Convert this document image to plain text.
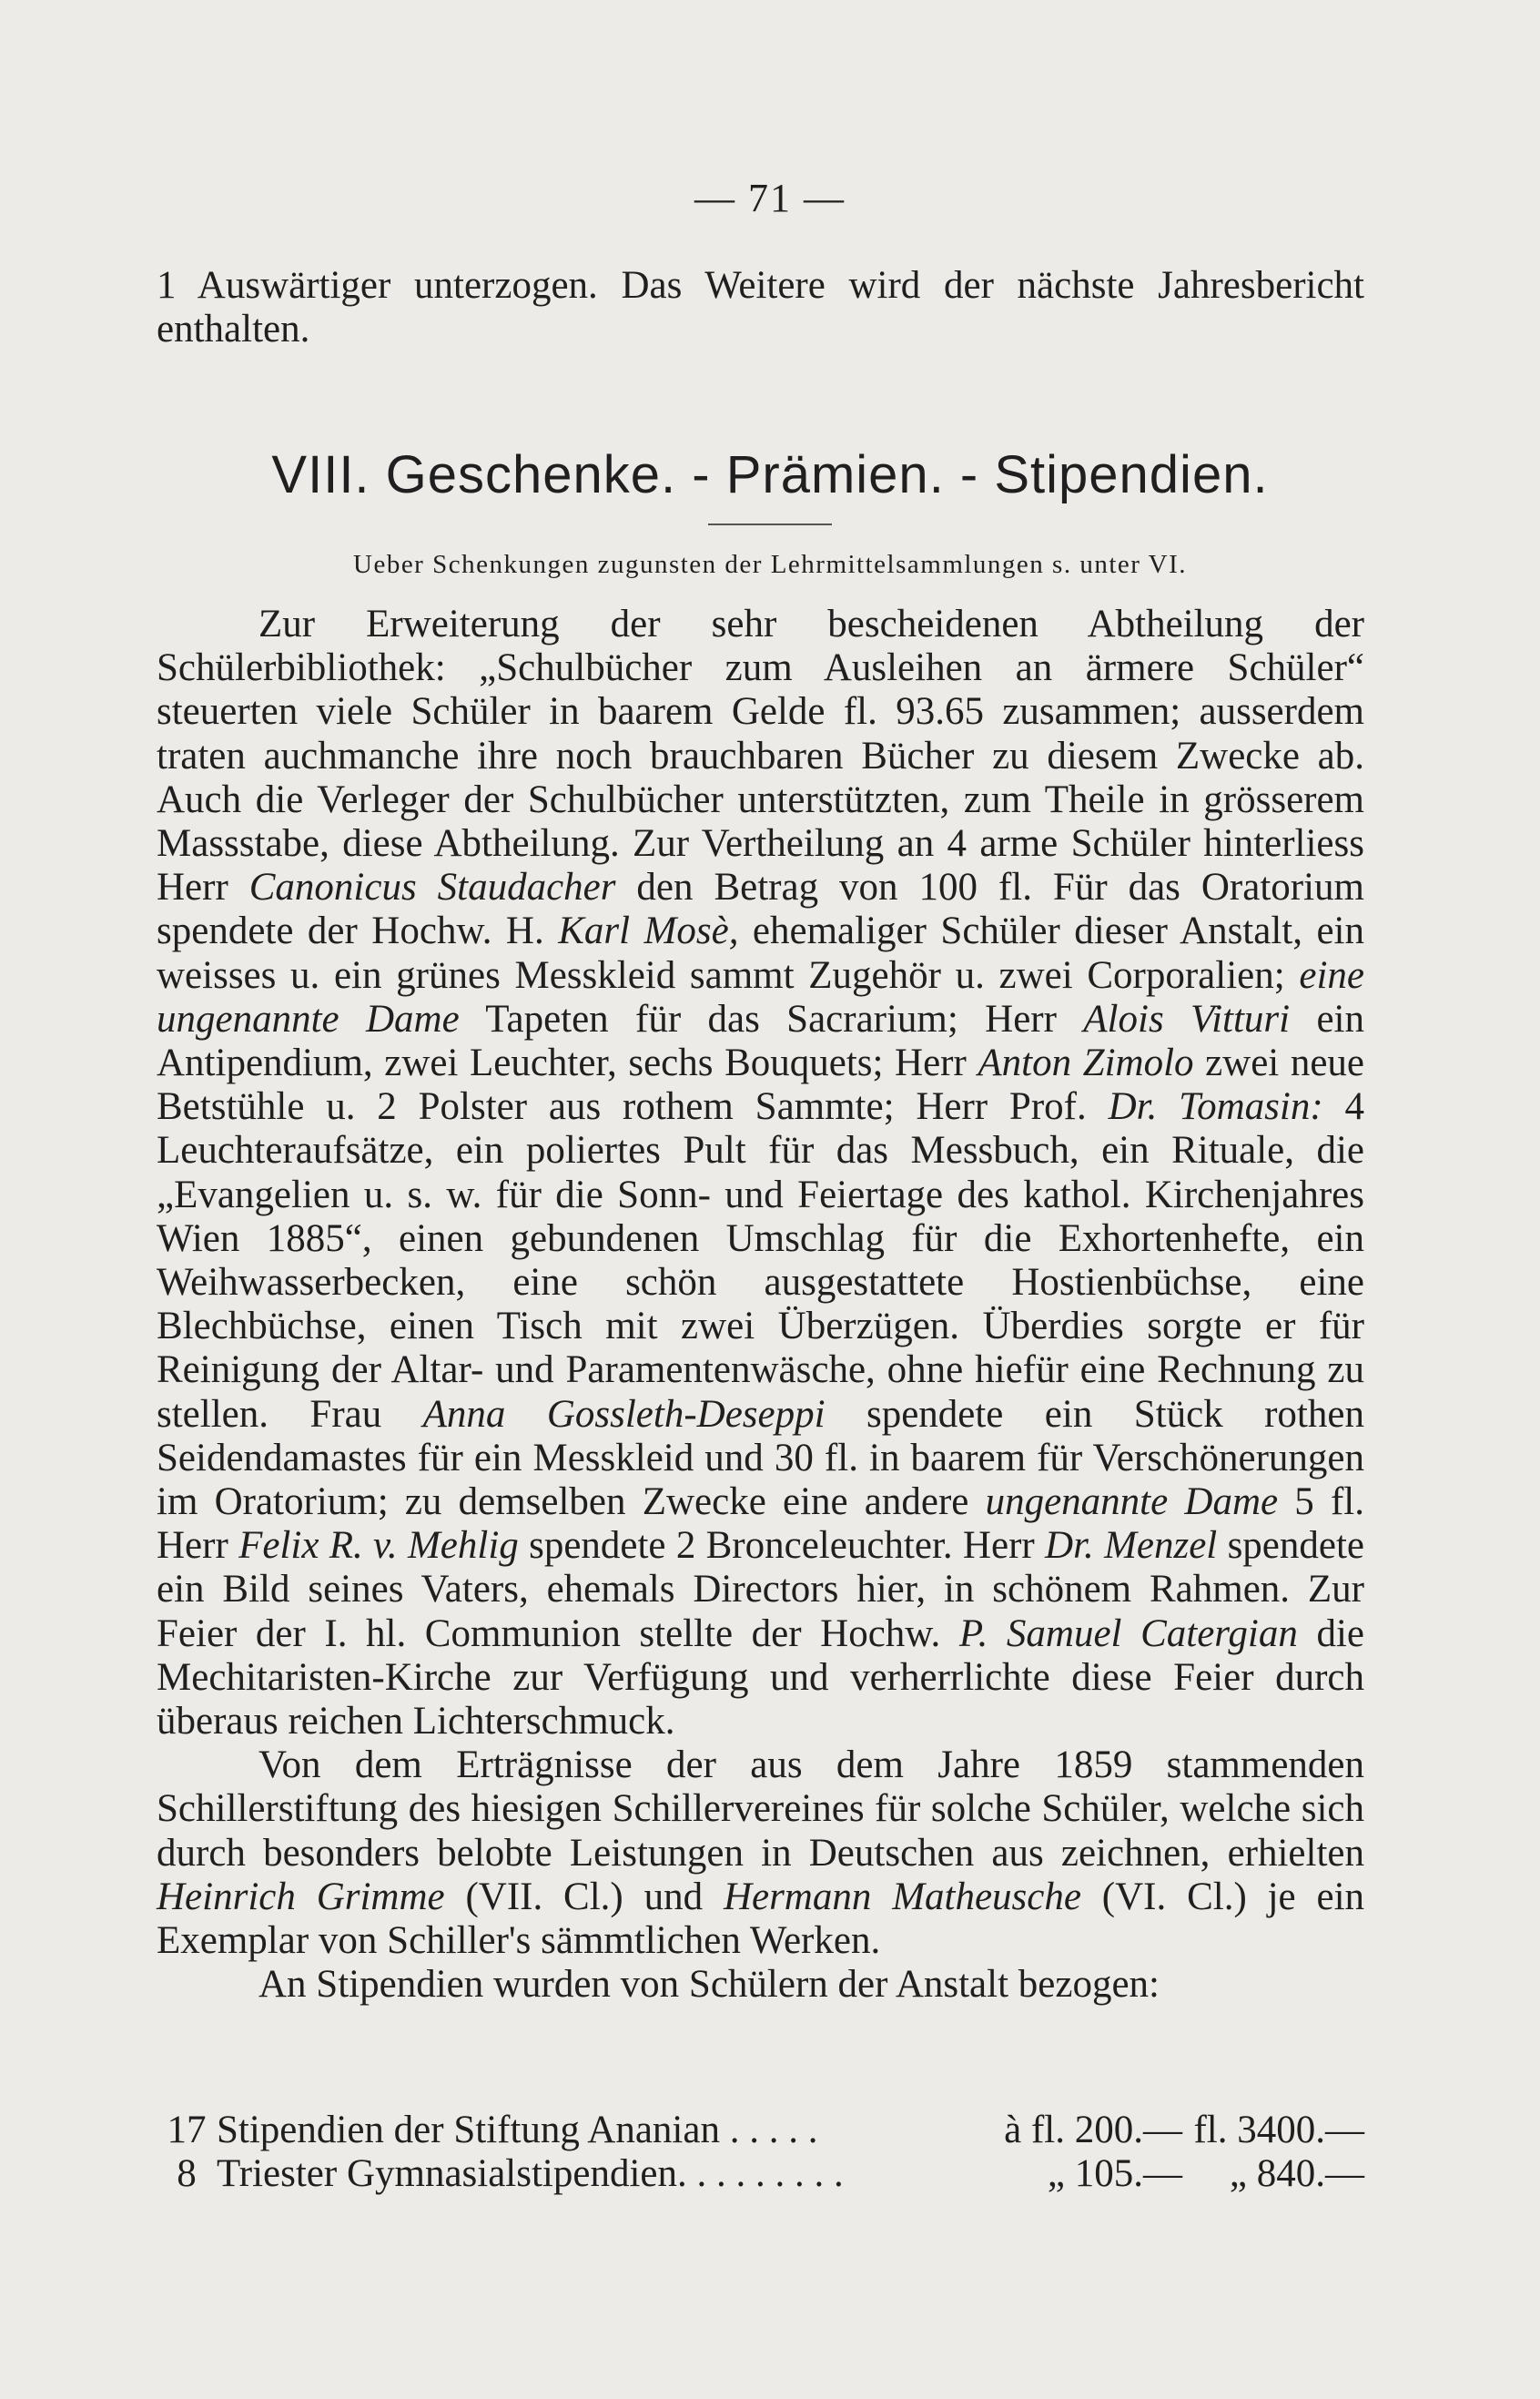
— 71 —
1 Auswärtiger unterzogen. Das Weitere wird der nächste Jahresbericht enthalten.
VIII. Geschenke. - Prämien. - Stipendien.
Ueber Schenkungen zugunsten der Lehrmittelsammlungen s. unter VI.

Zur Erweiterung der sehr bescheidenen Abtheilung der Schülerbibliothek: „Schulbücher zum Ausleihen an ärmere Schüler“ steuerten viele Schüler in baarem Gelde fl. 93.65 zusammen; ausserdem traten auchmanche ihre noch brauchbaren Bücher zu diesem Zwecke ab. Auch die Verleger der Schulbücher unterstützten, zum Theile in grösserem Massstabe, diese Abtheilung. Zur Vertheilung an 4 arme Schüler hinterliess Herr Canonicus Staudacher den Betrag von 100 fl. Für das Oratorium spendete der Hochw. H. Karl Mosè, ehemaliger Schüler dieser Anstalt, ein weisses u. ein grünes Messkleid sammt Zugehör u. zwei Corporalien; eine ungenannte Dame Tapeten für das Sacrarium; Herr Alois Vitturi ein Antipendium, zwei Leuchter, sechs Bouquets; Herr Anton Zimolo zwei neue Betstühle u. 2 Polster aus rothem Sammte; Herr Prof. Dr. Tomasin: 4 Leuchteraufsätze, ein poliertes Pult für das Messbuch, ein Rituale, die „Evangelien u. s. w. für die Sonn- und Feiertage des kathol. Kirchenjahres Wien 1885“, einen gebundenen Umschlag für die Exhortenhefte, ein Weihwasserbecken, eine schön ausgestattete Hostienbüchse, eine Blechbüchse, einen Tisch mit zwei Überzügen. Überdies sorgte er für Reinigung der Altar- und Paramentenwäsche, ohne hiefür eine Rechnung zu stellen. Frau Anna Gossleth-Deseppi spendete ein Stück rothen Seidendamastes für ein Messkleid und 30 fl. in baarem für Verschönerungen im Oratorium; zu demselben Zwecke eine andere ungenannte Dame 5 fl. Herr Felix R. v. Mehlig spendete 2 Bronceleuchter. Herr Dr. Menzel spendete ein Bild seines Vaters, ehemals Directors hier, in schönem Rahmen. Zur Feier der I. hl. Communion stellte der Hochw. P. Samuel Catergian die Mechitaristen-Kirche zur Verfügung und verherrlichte diese Feier durch überaus reichen Lichterschmuck.

Von dem Erträgnisse der aus dem Jahre 1859 stammenden Schillerstiftung des hiesigen Schillervereines für solche Schüler, welche sich durch besonders belobte Leistungen in Deutschen aus zeichnen, erhielten Heinrich Grimme (VII. Cl.) und Hermann Matheusche (VI. Cl.) je ein Exemplar von Schiller's sämmtlichen Werken.

An Stipendien wurden von Schülern der Anstalt bezogen:

17 Stipendien der Stiftung Ananian . . . . .	à fl. 200.— fl. 3400.—
8 Triester Gymnasialstipendien. . . . . . . . .	„ 105.—	„ 840.—
